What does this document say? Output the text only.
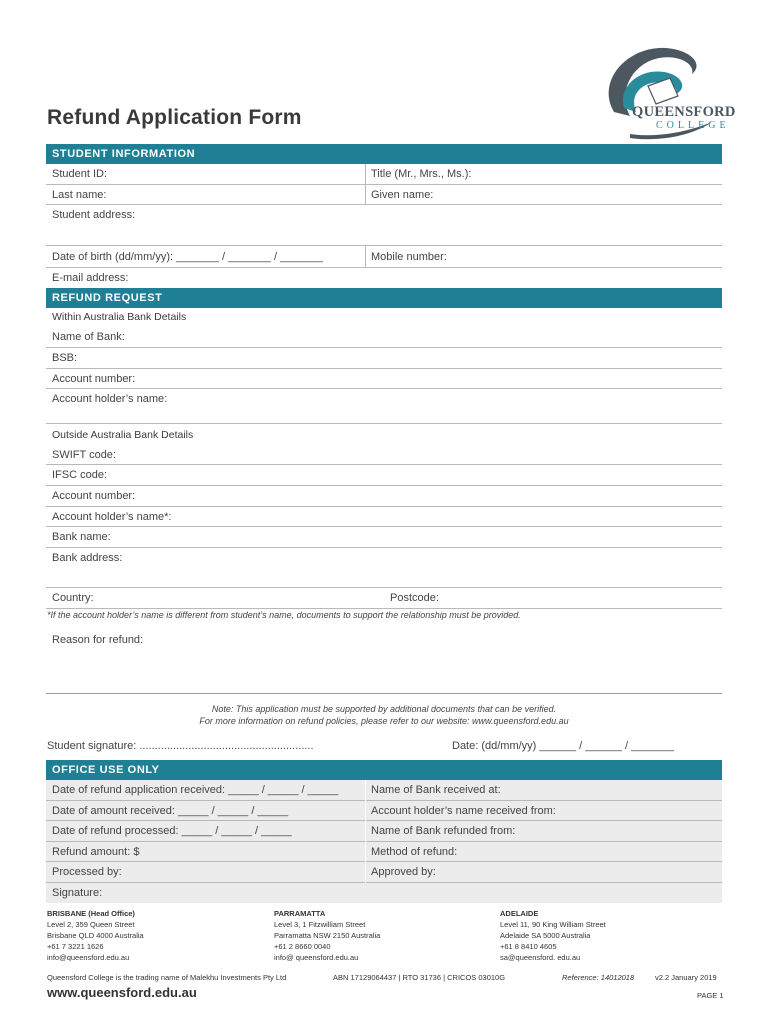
Refund Application Form	QUEENSFORD
COLLEGE
STUDENT INFORMATION
Student ID:	Title (Mr., Mrs., Ms.):
Last name:	Given name:
Student address:
Date of birth (dd/mm/yy): _______ / _______ / _______	Mobile number:
E-mail address:
REFUND REQUEST
Within Australia Bank Details
Name of Bank:
BSB:
Account number:
Account holder’s name:
Outside Australia Bank Details
SWIFT code:
IFSC code:
Account number:
Account holder’s name*:
Bank name:
Bank address:
Country:	Postcode:
*If the account holder’s name is different from student’s name, documents to support the relationship must be provided.
Reason for refund:
Note: This application must be supported by additional documents that can be verified.
For more information on refund policies, please refer to our website: www.queensford.edu.au
Student signature: .........................................................	Date: (dd/mm/yy) ______ / ______ / _______
OFFICE USE ONLY
Date of refund application received: _____ / _____ / _____	Name of Bank received at:
Date of amount received: _____ / _____ / _____	Account holder’s name received from:
Date of refund processed: _____ / _____ / _____	Name of Bank refunded from:
Refund amount: $	Method of refund:
Processed by:	Approved by:
Signature:
BRISBANE (Head Office)
Level 2, 359 Queen Street
Brisbane QLD 4000 Australia
+61 7 3221 1626
info@queensford.edu.au
PARRAMATTA
Level 3, 1 Fitzwilliam Street
Parramatta NSW 2150 Australia
+61 2 8660 0040
info@ queensford.edu.au
ADELAIDE
Level 11, 90 King William Street
Adelaide SA 5000 Australia
+61 8 8410 4605
sa@queensford. edu.au
Queensford College is the trading name of Malekhu Investments Pty Ltd	ABN 17129064437 | RTO 31736 | CRICOS 03010G	Reference: 14012018	v2.2 January 2019
www.queensford.edu.au	PAGE 1
